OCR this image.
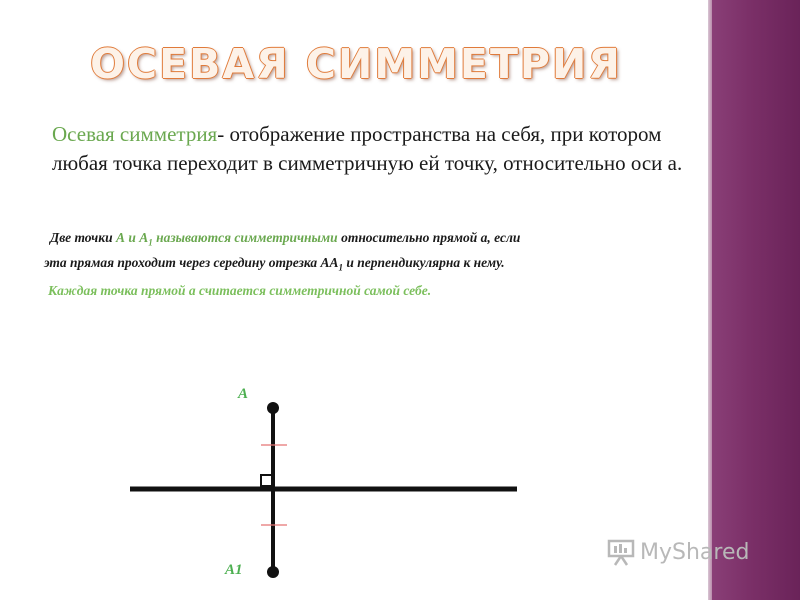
ОСЕВАЯ СИММЕТРИЯ
Осевая симметрия- отображение пространства на себя, при котором любая точка переходит в симметричную ей точку, относительно оси а.
Две точки А и $А_1$ называются симметричными относительно прямой а, если
эта прямая проходит через середину отрезка $АА_1$ и перпендикулярна к нему.
Каждая точка прямой а считается симметричной самой себе.
A
A1
MyShared
